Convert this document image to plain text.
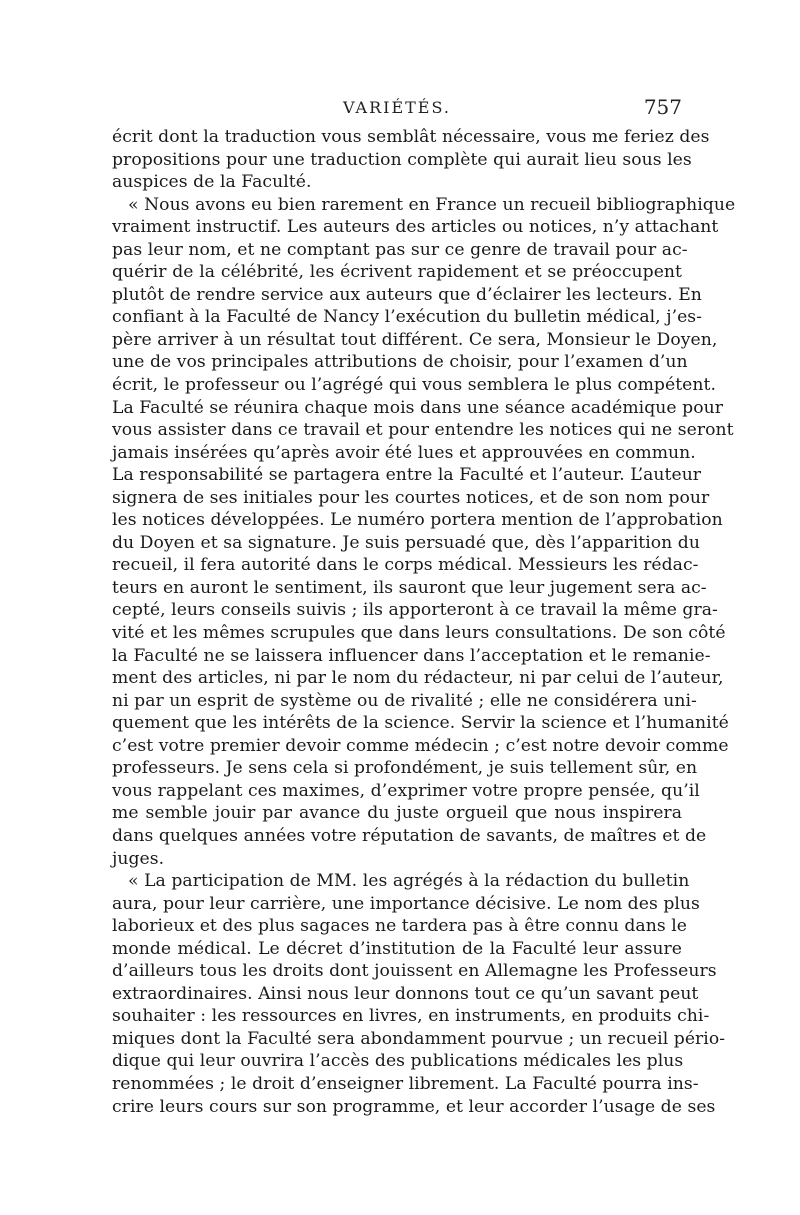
VARIÉTÉS.	757
écrit dont la traduction vous semblât nécessaire, vous me feriez des
propositions pour une traduction complète qui aurait lieu sous les
auspices de la Faculté.
« Nous avons eu bien rarement en France un recueil bibliographique
vraiment instructif. Les auteurs des articles ou notices, n’y attachant
pas leur nom, et ne comptant pas sur ce genre de travail pour ac-
quérir de la célébrité, les écrivent rapidement et se préoccupent
plutôt de rendre service aux auteurs que d’éclairer les lecteurs. En
confiant à la Faculté de Nancy l’exécution du bulletin médical, j’es-
père arriver à un résultat tout différent. Ce sera, Monsieur le Doyen,
une de vos principales attributions de choisir, pour l’examen d’un
écrit, le professeur ou l’agrégé qui vous semblera le plus compétent.
La Faculté se réunira chaque mois dans une séance académique pour
vous assister dans ce travail et pour entendre les notices qui ne seront
jamais insérées qu’après avoir été lues et approuvées en commun.
La responsabilité se partagera entre la Faculté et l’auteur. L’auteur
signera de ses initiales pour les courtes notices, et de son nom pour
les notices développées. Le numéro portera mention de l’approbation
du Doyen et sa signature. Je suis persuadé que, dès l’apparition du
recueil, il fera autorité dans le corps médical. Messieurs les rédac-
teurs en auront le sentiment, ils sauront que leur jugement sera ac-
cepté, leurs conseils suivis ; ils apporteront à ce travail la même gra-
vité et les mêmes scrupules que dans leurs consultations. De son côté
la Faculté ne se laissera influencer dans l’acceptation et le remanie-
ment des articles, ni par le nom du rédacteur, ni par celui de l’auteur,
ni par un esprit de système ou de rivalité ; elle ne considérera uni-
quement que les intérêts de la science. Servir la science et l’humanité
c’est votre premier devoir comme médecin ; c’est notre devoir comme
professeurs. Je sens cela si profondément, je suis tellement sûr, en
vous rappelant ces maximes, d’exprimer votre propre pensée, qu’il
me semble jouir par avance du juste orgueil que nous inspirera
dans quelques années votre réputation de savants, de maîtres et de
juges.
« La participation de MM. les agrégés à la rédaction du bulletin
aura, pour leur carrière, une importance décisive. Le nom des plus
laborieux et des plus sagaces ne tardera pas à être connu dans le
monde médical. Le décret d’institution de la Faculté leur assure
d’ailleurs tous les droits dont jouissent en Allemagne les Professeurs
extraordinaires. Ainsi nous leur donnons tout ce qu’un savant peut
souhaiter : les ressources en livres, en instruments, en produits chi-
miques dont la Faculté sera abondamment pourvue ; un recueil pério-
dique qui leur ouvrira l’accès des publications médicales les plus
renommées ; le droit d’enseigner librement. La Faculté pourra ins-
crire leurs cours sur son programme, et leur accorder l’usage de ses
